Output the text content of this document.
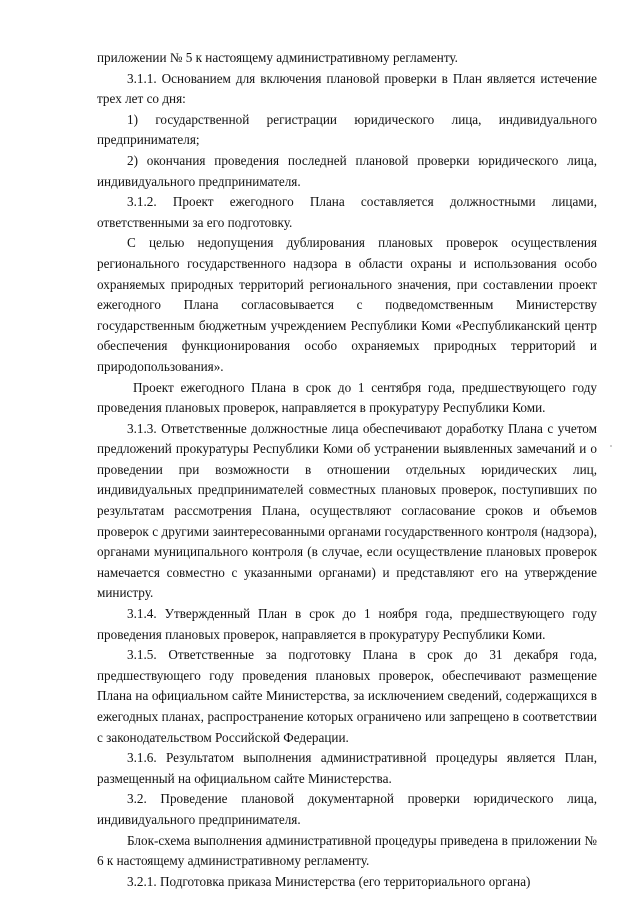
приложении № 5 к настоящему административному регламенту.

3.1.1. Основанием для включения плановой проверки в План является истечение трех лет со дня:

1) государственной регистрации юридического лица, индивидуального предпринимателя;

2) окончания проведения последней плановой проверки юридического лица, индивидуального предпринимателя.

3.1.2. Проект ежегодного Плана составляется должностными лицами, ответственными за его подготовку.

С целью недопущения дублирования плановых проверок осуществления регионального государственного надзора в области охраны и использования особо охраняемых природных территорий регионального значения, при составлении проект ежегодного Плана согласовывается с подведомственным Министерству государственным бюджетным учреждением Республики Коми «Республиканский центр обеспечения функционирования особо охраняемых природных территорий и природопользования».

Проект ежегодного Плана в срок до 1 сентября года, предшествующего году проведения плановых проверок, направляется в прокуратуру Республики Коми.

3.1.3. Ответственные должностные лица обеспечивают доработку Плана с учетом предложений прокуратуры Республики Коми об устранении выявленных замечаний и о проведении при возможности в отношении отдельных юридических лиц, индивидуальных предпринимателей совместных плановых проверок, поступивших по результатам рассмотрения Плана, осуществляют согласование сроков и объемов проверок с другими заинтересованными органами государственного контроля (надзора), органами муниципального контроля (в случае, если осуществление плановых проверок намечается совместно с указанными органами) и представляют его на утверждение министру.

3.1.4. Утвержденный План в срок до 1 ноября года, предшествующего году проведения плановых проверок, направляется в прокуратуру Республики Коми.

3.1.5. Ответственные за подготовку Плана в срок до 31 декабря года, предшествующего году проведения плановых проверок, обеспечивают размещение Плана на официальном сайте Министерства, за исключением сведений, содержащихся в ежегодных планах, распространение которых ограничено или запрещено в соответствии с законодательством Российской Федерации.

3.1.6. Результатом выполнения административной процедуры является План, размещенный на официальном сайте Министерства.

3.2. Проведение плановой документарной проверки юридического лица, индивидуального предпринимателя.

Блок-схема выполнения административной процедуры приведена в приложении № 6 к настоящему административному регламенту.

3.2.1. Подготовка приказа Министерства (его территориального органа)
